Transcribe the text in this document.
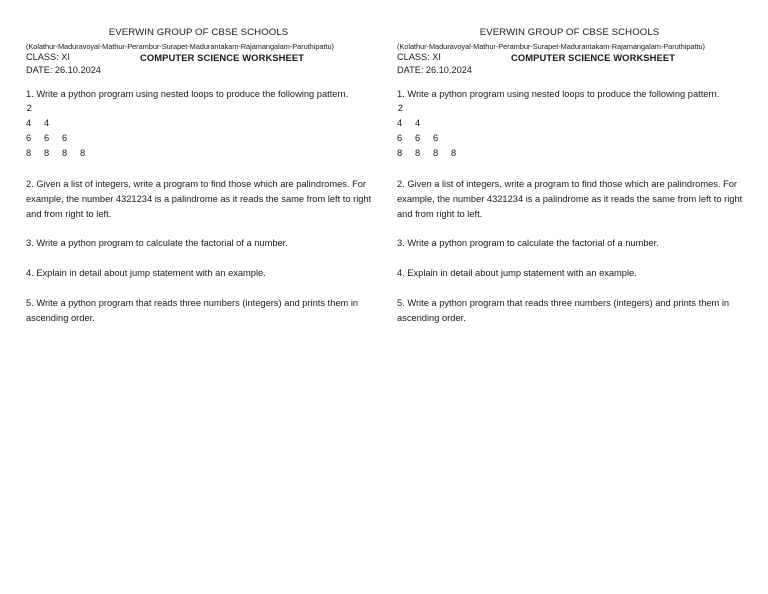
EVERWIN GROUP OF CBSE SCHOOLS
(Kolathur-Maduravoyal-Mathur-Perambur-Surapet-Madurantakam-Rajamangalam-Paruthipattu)
CLASS: XI	COMPUTER SCIENCE WORKSHEET
DATE: 26.10.2024
1. Write a python program using nested loops to produce the following pattern.
 2
4 4
6 6 6
8 8 8 8
2. Given a list of integers, write a program to find those which are palindromes. For example, the number 4321234 is a palindrome as it reads the same from left to right and from right to left.
3. Write a python program to calculate the factorial of a number.
4. Explain in detail about jump statement with an example.
5. Write a python program that reads three numbers (integers) and prints them in ascending order.
EVERWIN GROUP OF CBSE SCHOOLS
(Kolathur-Maduravoyal-Mathur-Perambur-Surapet-Madurantakam-Rajamangalam-Paruthipattu)
CLASS: XI	COMPUTER SCIENCE WORKSHEET
DATE: 26.10.2024
1. Write a python program using nested loops to produce the following pattern.
 2
4 4
6 6 6
8 8 8 8
2. Given a list of integers, write a program to find those which are palindromes. For example, the number 4321234 is a palindrome as it reads the same from left to right and from right to left.
3. Write a python program to calculate the factorial of a number.
4. Explain in detail about jump statement with an example.
5. Write a python program that reads three numbers (integers) and prints them in ascending order.
